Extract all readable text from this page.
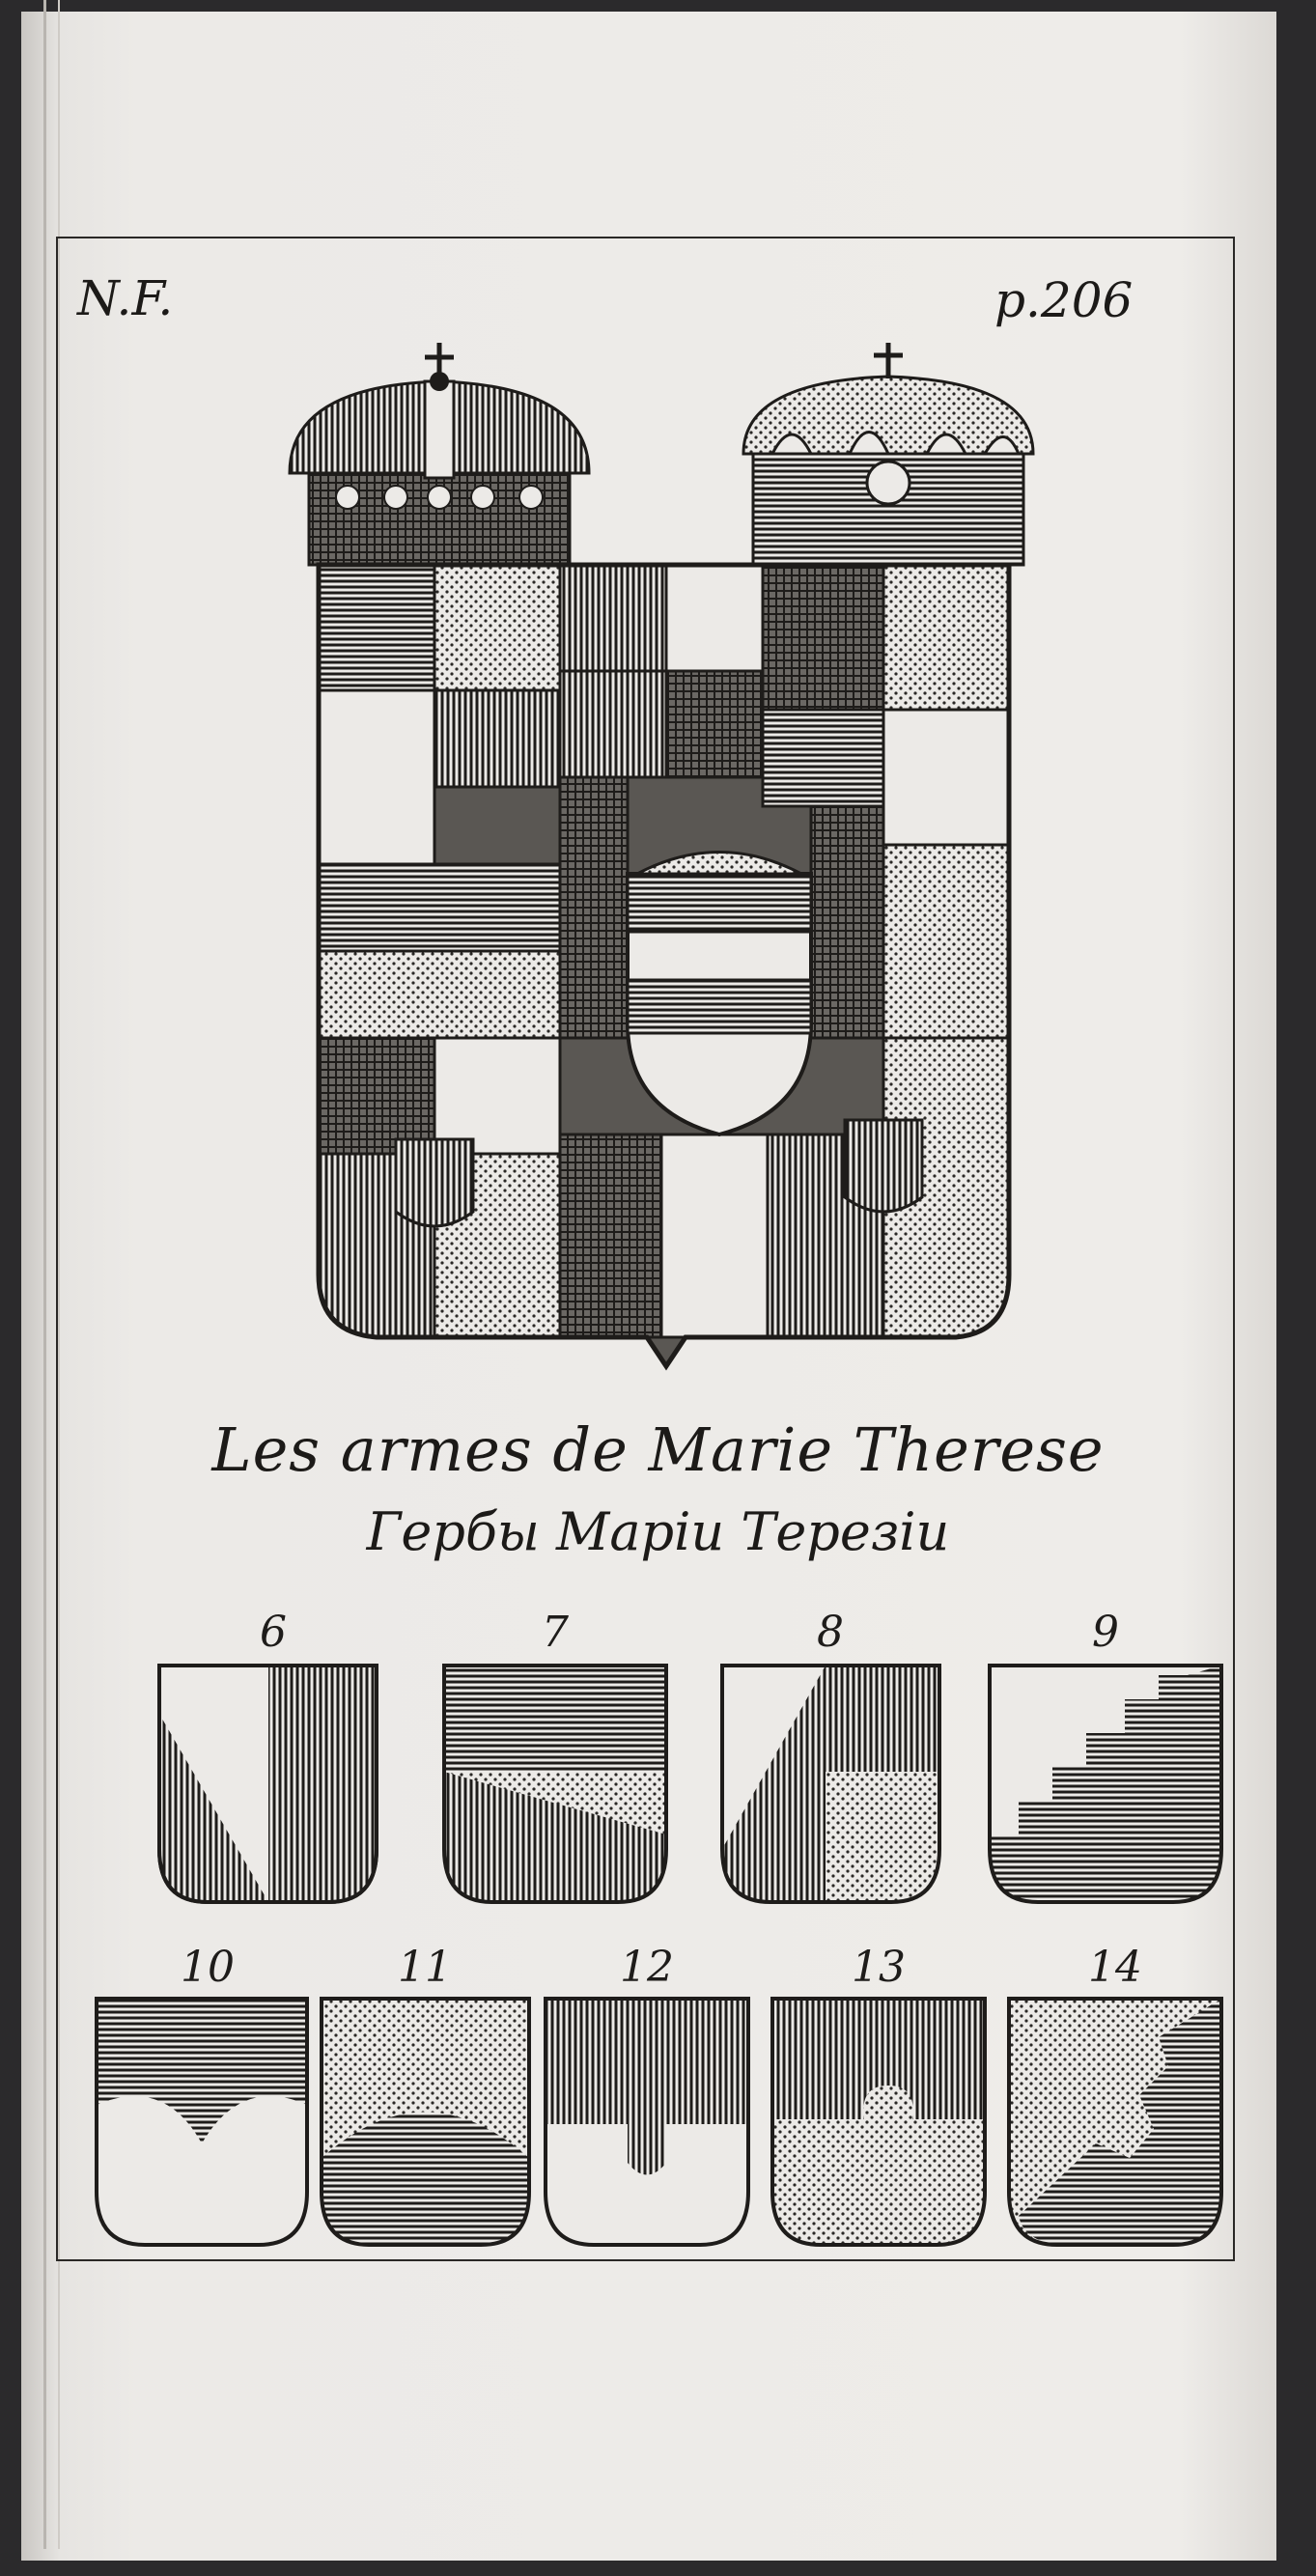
N.F.	p.206
Les armes de Marie Therese
Гербы Марiи Терезiи
6	7	8	9
10	11	12	13	14
